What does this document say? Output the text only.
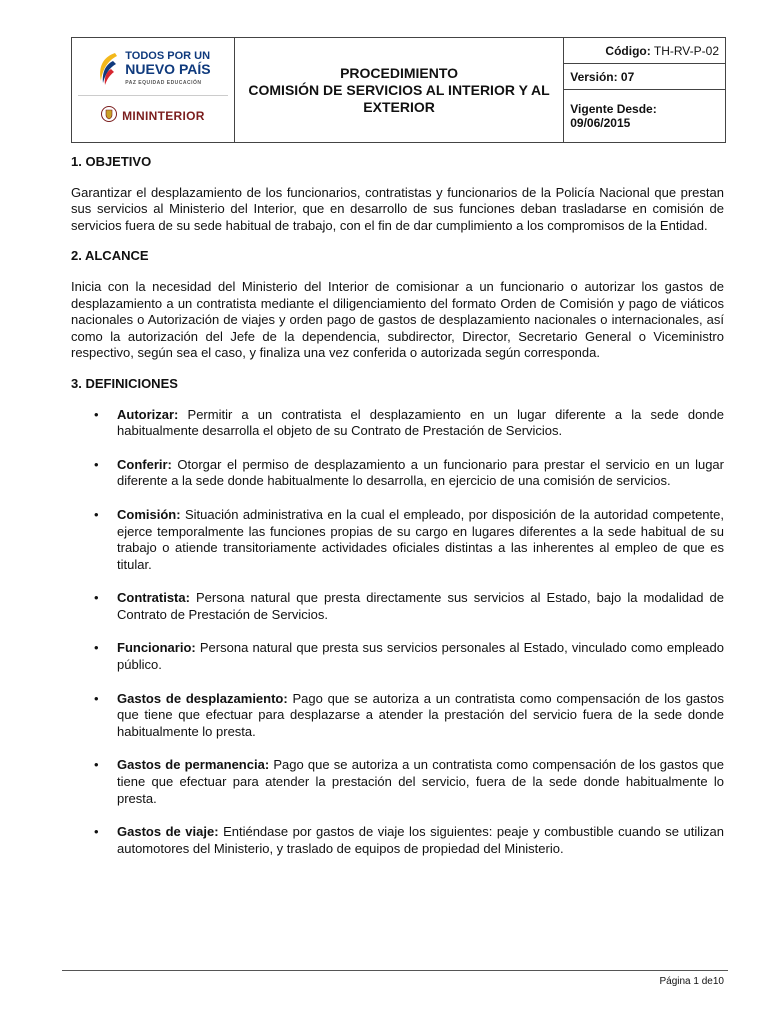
TODOS POR UN
NUEVO PAÍS
PAZ EQUIDAD EDUCACIÓN
MININTERIOR

PROCEDIMIENTO
COMISIÓN DE SERVICIOS AL INTERIOR Y AL EXTERIOR
	Código: TH-RV-P-02
Versión: 07
Vigente Desde:
09/06/2015
1. OBJETIVO

Garantizar el desplazamiento de los funcionarios, contratistas y funcionarios de la Policía Nacional que prestan sus servicios al Ministerio del Interior, que en desarrollo de sus funciones deban trasladarse en comisión de servicios fuera de su sede habitual de trabajo, con el fin de dar cumplimiento a los compromisos de la Entidad.

2. ALCANCE

Inicia con la necesidad del Ministerio del Interior de comisionar a un funcionario o autorizar los gastos de desplazamiento a un contratista mediante el diligenciamiento del formato Orden de Comisión y pago de viáticos nacionales o Autorización de viajes y orden pago de gastos de desplazamiento nacionales o internacionales, así como la autorización del Jefe de la dependencia, subdirector, Director, Secretario General o Viceministro respectivo, según sea el caso, y finaliza una vez conferida o autorizada según corresponda.

3. DEFINICIONES
• Autorizar: Permitir a un contratista el desplazamiento en un lugar diferente a la sede donde habitualmente desarrolla el objeto de su Contrato de Prestación de Servicios.
• Conferir: Otorgar el permiso de desplazamiento a un funcionario para prestar el servicio en un lugar diferente a la sede donde habitualmente lo desarrolla, en ejercicio de una comisión de servicios.
• Comisión: Situación administrativa en la cual el empleado, por disposición de la autoridad competente, ejerce temporalmente las funciones propias de su cargo en lugares diferentes a la sede habitual de su trabajo o atiende transitoriamente actividades oficiales distintas a las inherentes al empleo de que es titular.
• Contratista: Persona natural que presta directamente sus servicios al Estado, bajo la modalidad de Contrato de Prestación de Servicios.
• Funcionario: Persona natural que presta sus servicios personales al Estado, vinculado como empleado público.
• Gastos de desplazamiento: Pago que se autoriza a un contratista como compensación de los gastos que tiene que efectuar para desplazarse a atender la prestación del servicio fuera de la sede donde habitualmente lo presta.
• Gastos de permanencia: Pago que se autoriza a un contratista como compensación de los gastos que tiene que efectuar para atender la prestación del servicio, fuera de la sede donde habitualmente lo presta.
• Gastos de viaje: Entiéndase por gastos de viaje los siguientes: peaje y combustible cuando se utilizan automotores del Ministerio, y traslado de equipos de propiedad del Ministerio.
Página 1 de10
